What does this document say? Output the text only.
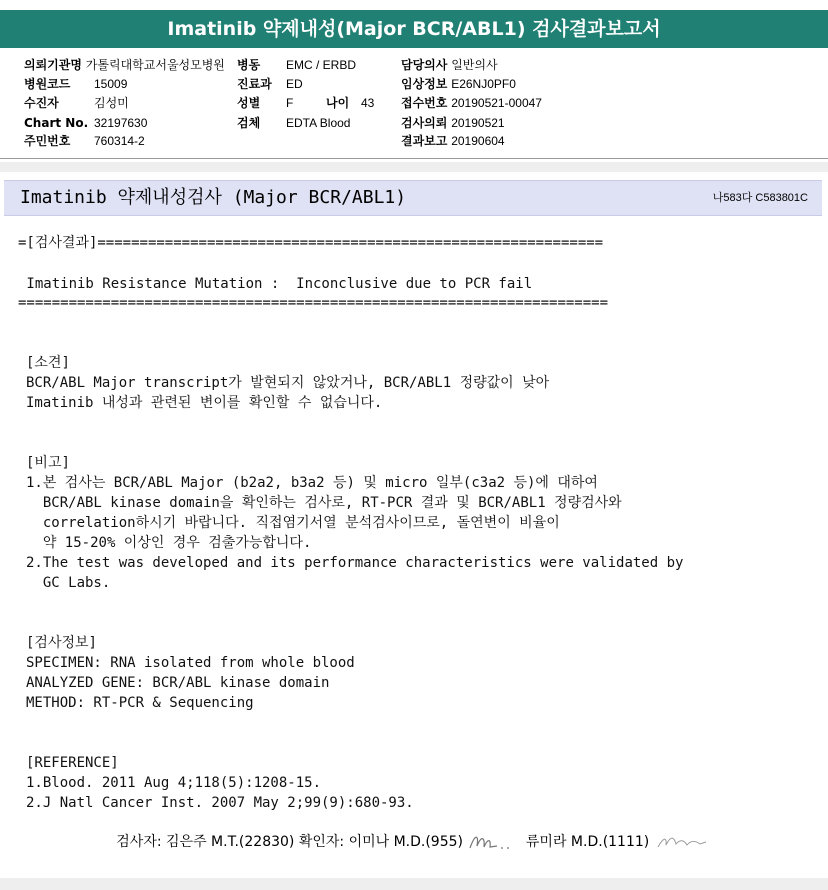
Imatinib 약제내성(Major BCR/ABL1) 검사결과보고서
의뢰기관명 가톨릭대학교서울성모병원 병동 EMC / ERBD	담당의사 일반의사
병원코드 15009	진료과 ED	임상정보 E26NJ0PF0
수진자	김성미	성별 F	나이 43 접수번호 20190521-00047
Chart No. 32197630	검체 EDTA Blood	검사의뢰 20190521
주민번호 760314-2	결과보고 20190604
Imatinib 약제내성검사 (Major BCR/ABL1)	나583다 C583801C
=[검사결과]============================================================
Imatinib Resistance Mutation :  Inconclusive due to PCR fail
======================================================================
[소견]
BCR/ABL Major transcript가 발현되지 않았거나, BCR/ABL1 정량값이 낮아
Imatinib 내성과 관련된 변이를 확인할 수 없습니다.
[비고]
1.본 검사는 BCR/ABL Major (b2a2, b3a2 등) 및 micro 일부(c3a2 등)에 대하여
BCR/ABL kinase domain을 확인하는 검사로, RT-PCR 결과 및 BCR/ABL1 정량검사와
correlation하시기 바랍니다. 직접염기서열 분석검사이므로, 돌연변이 비율이
약 15-20% 이상인 경우 검출가능합니다.
2.The test was developed and its performance characteristics were validated by
GC Labs.
[검사정보]
SPECIMEN: RNA isolated from whole blood
ANALYZED GENE: BCR/ABL kinase domain
METHOD: RT-PCR & Sequencing
[REFERENCE]
1.Blood. 2011 Aug 4;118(5):1208-15.
2.J Natl Cancer Inst. 2007 May 2;99(9):680-93.
검사자: 김은주 M.T.(22830) 확인자: 이미나 M.D.(955)	류미라 M.D.(1111)
